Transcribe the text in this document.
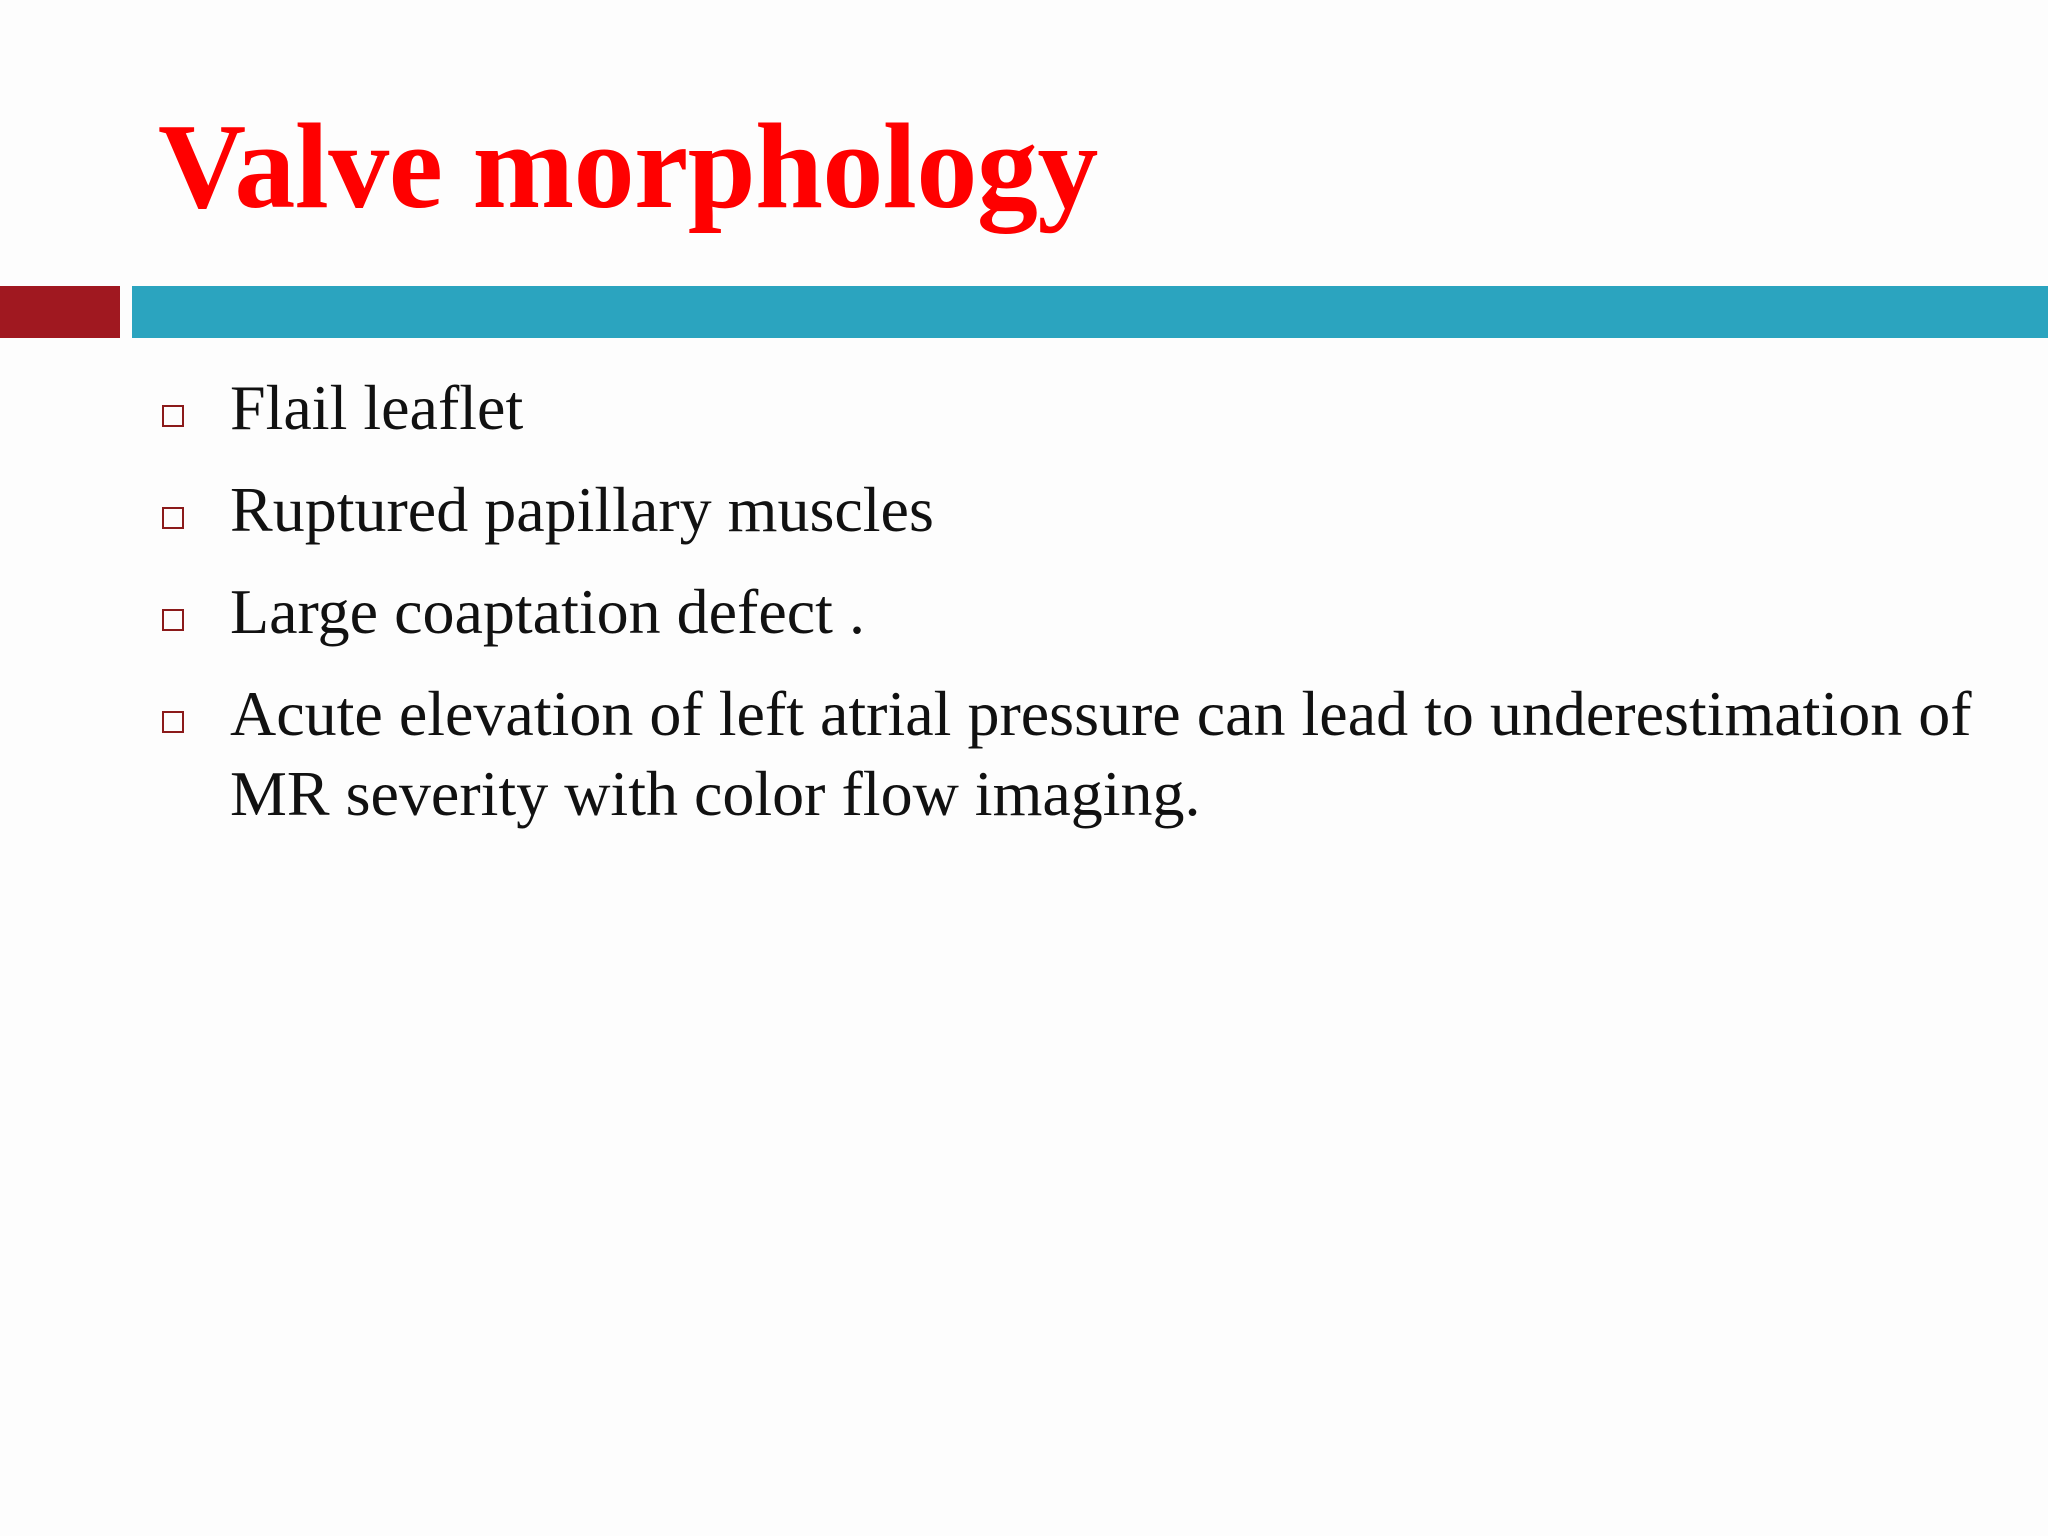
Valve morphology
Flail leaflet
Ruptured papillary muscles
Large coaptation defect .
Acute elevation of left atrial pressure can lead to underestimation of MR severity with color flow imaging.
